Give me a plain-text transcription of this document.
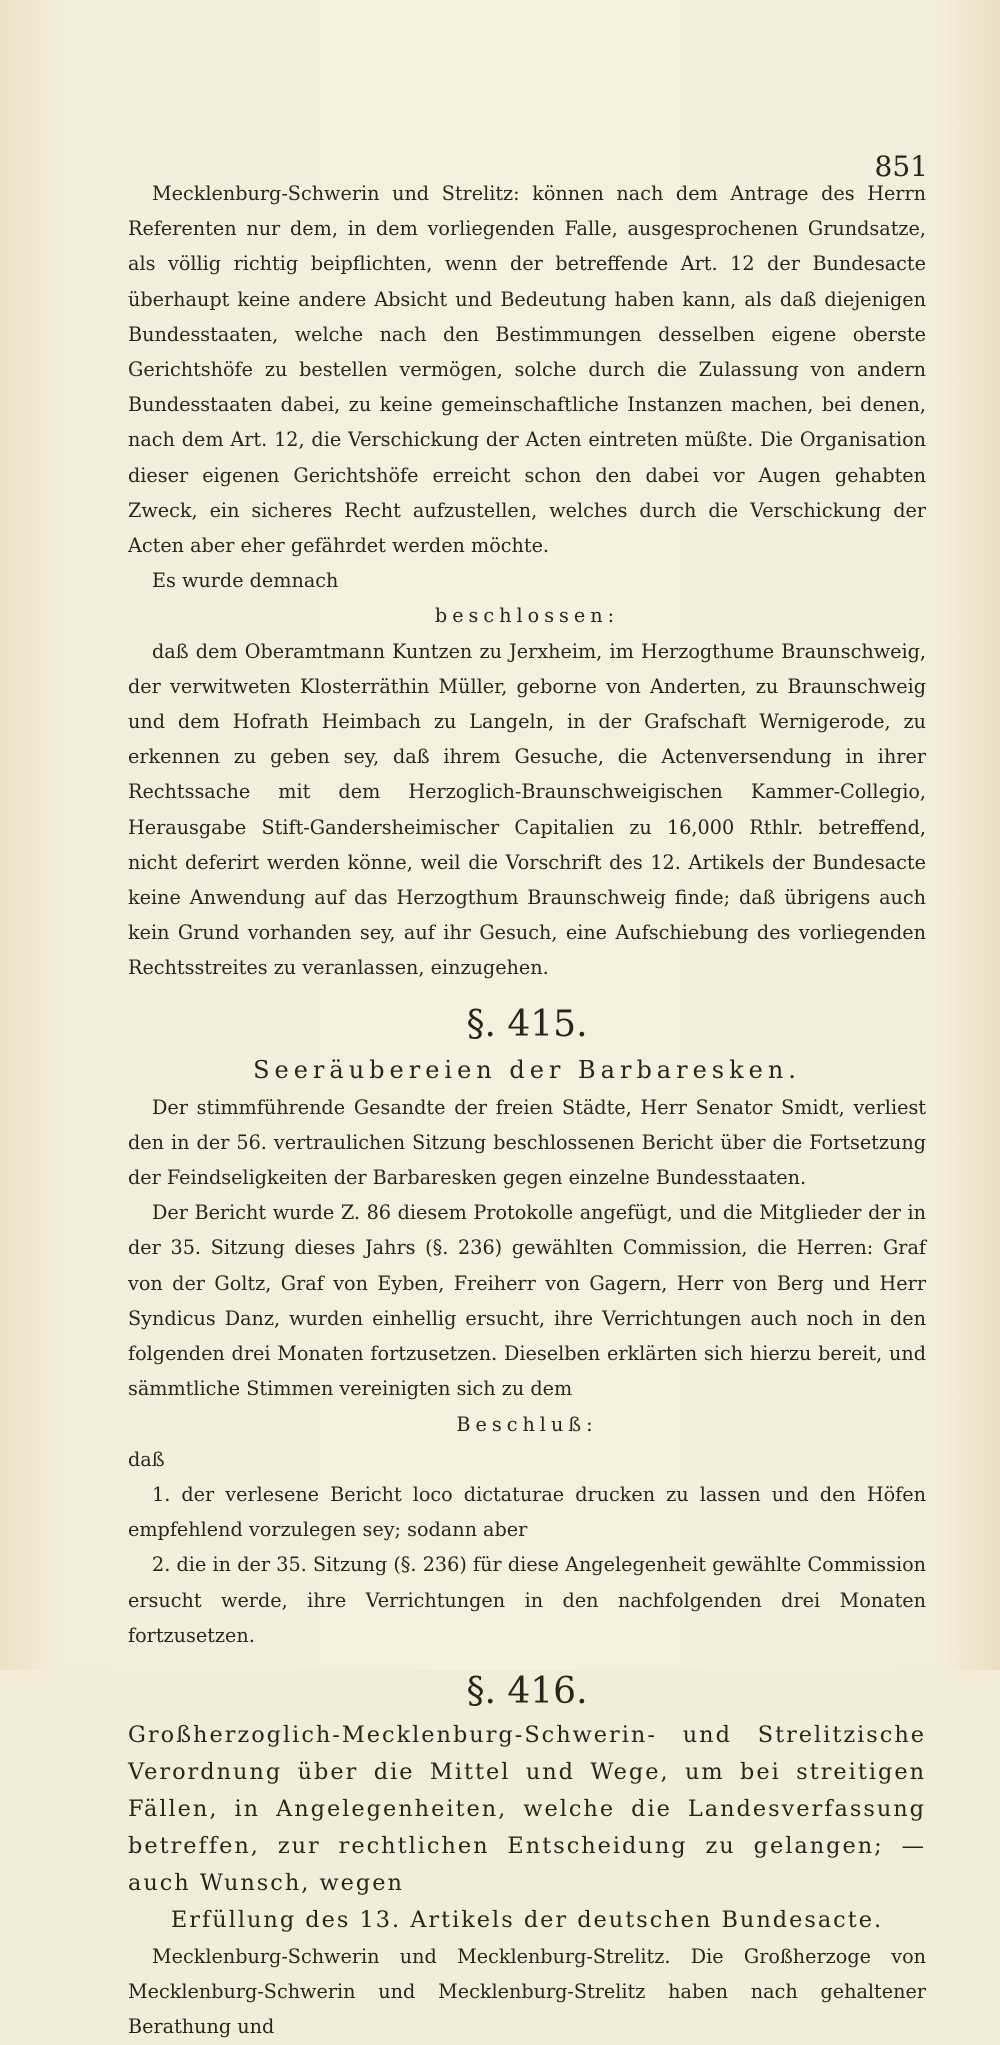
851

Mecklenburg-Schwerin und Strelitz: können nach dem Antrage des Herrn Referenten nur dem, in dem vorliegenden Falle, ausgesprochenen Grundsatze, als völlig richtig beipflichten, wenn der betreffende Art. 12 der Bundesacte überhaupt keine andere Absicht und Bedeutung haben kann, als daß diejenigen Bundesstaaten, welche nach den Bestimmungen desselben eigene oberste Gerichtshöfe zu bestellen vermögen, solche durch die Zulassung von andern Bundesstaaten dabei, zu keine gemeinschaftliche Instanzen machen, bei denen, nach dem Art. 12, die Verschickung der Acten eintreten müßte. Die Organisation dieser eigenen Gerichtshöfe erreicht schon den dabei vor Augen gehabten Zweck, ein sicheres Recht aufzustellen, welches durch die Verschickung der Acten aber eher gefährdet werden möchte.

Es wurde demnach

beschlossen:

daß dem Oberamtmann Kuntzen zu Jerxheim, im Herzogthume Braunschweig, der verwitweten Klosterräthin Müller, geborne von Anderten, zu Braunschweig und dem Hofrath Heimbach zu Langeln, in der Grafschaft Wernigerode, zu erkennen zu geben sey, daß ihrem Gesuche, die Actenversendung in ihrer Rechtssache mit dem Herzoglich-Braunschweigischen Kammer-Collegio, Herausgabe Stift-Gandersheimischer Capitalien zu 16,000 Rthlr. betreffend, nicht deferirt werden könne, weil die Vorschrift des 12. Artikels der Bundesacte keine Anwendung auf das Herzogthum Braunschweig finde; daß übrigens auch kein Grund vorhanden sey, auf ihr Gesuch, eine Aufschiebung des vorliegenden Rechtsstreites zu veranlassen, einzugehen.

§. 415.
Seeräubereien der Barbaresken.

Der stimmführende Gesandte der freien Städte, Herr Senator Smidt, verliest den in der 56. vertraulichen Sitzung beschlossenen Bericht über die Fortsetzung der Feindseligkeiten der Barbaresken gegen einzelne Bundesstaaten.

Der Bericht wurde Z. 86 diesem Protokolle angefügt, und die Mitglieder der in der 35. Sitzung dieses Jahrs (§. 236) gewählten Commission, die Herren: Graf von der Goltz, Graf von Eyben, Freiherr von Gagern, Herr von Berg und Herr Syndicus Danz, wurden einhellig ersucht, ihre Verrichtungen auch noch in den folgenden drei Monaten fortzusetzen. Dieselben erklärten sich hierzu bereit, und sämmtliche Stimmen vereinigten sich zu dem

Beschluß:

daß

1. der verlesene Bericht loco dictaturae drucken zu lassen und den Höfen empfehlend vorzulegen sey; sodann aber

2. die in der 35. Sitzung (§. 236) für diese Angelegenheit gewählte Commission ersucht werde, ihre Verrichtungen in den nachfolgenden drei Monaten fortzusetzen.

§. 416.
Großherzoglich-Mecklenburg-Schwerin- und Strelitzische Verordnung über die Mittel und Wege, um bei streitigen Fällen, in Angelegenheiten, welche die Landesverfassung betreffen, zur rechtlichen Entscheidung zu gelangen; — auch Wunsch, wegen
Erfüllung des 13. Artikels der deutschen Bundesacte.

Mecklenburg-Schwerin und Mecklenburg-Strelitz. Die Großherzoge von Mecklenburg-Schwerin und Mecklenburg-Strelitz haben nach gehaltener Berathung und
